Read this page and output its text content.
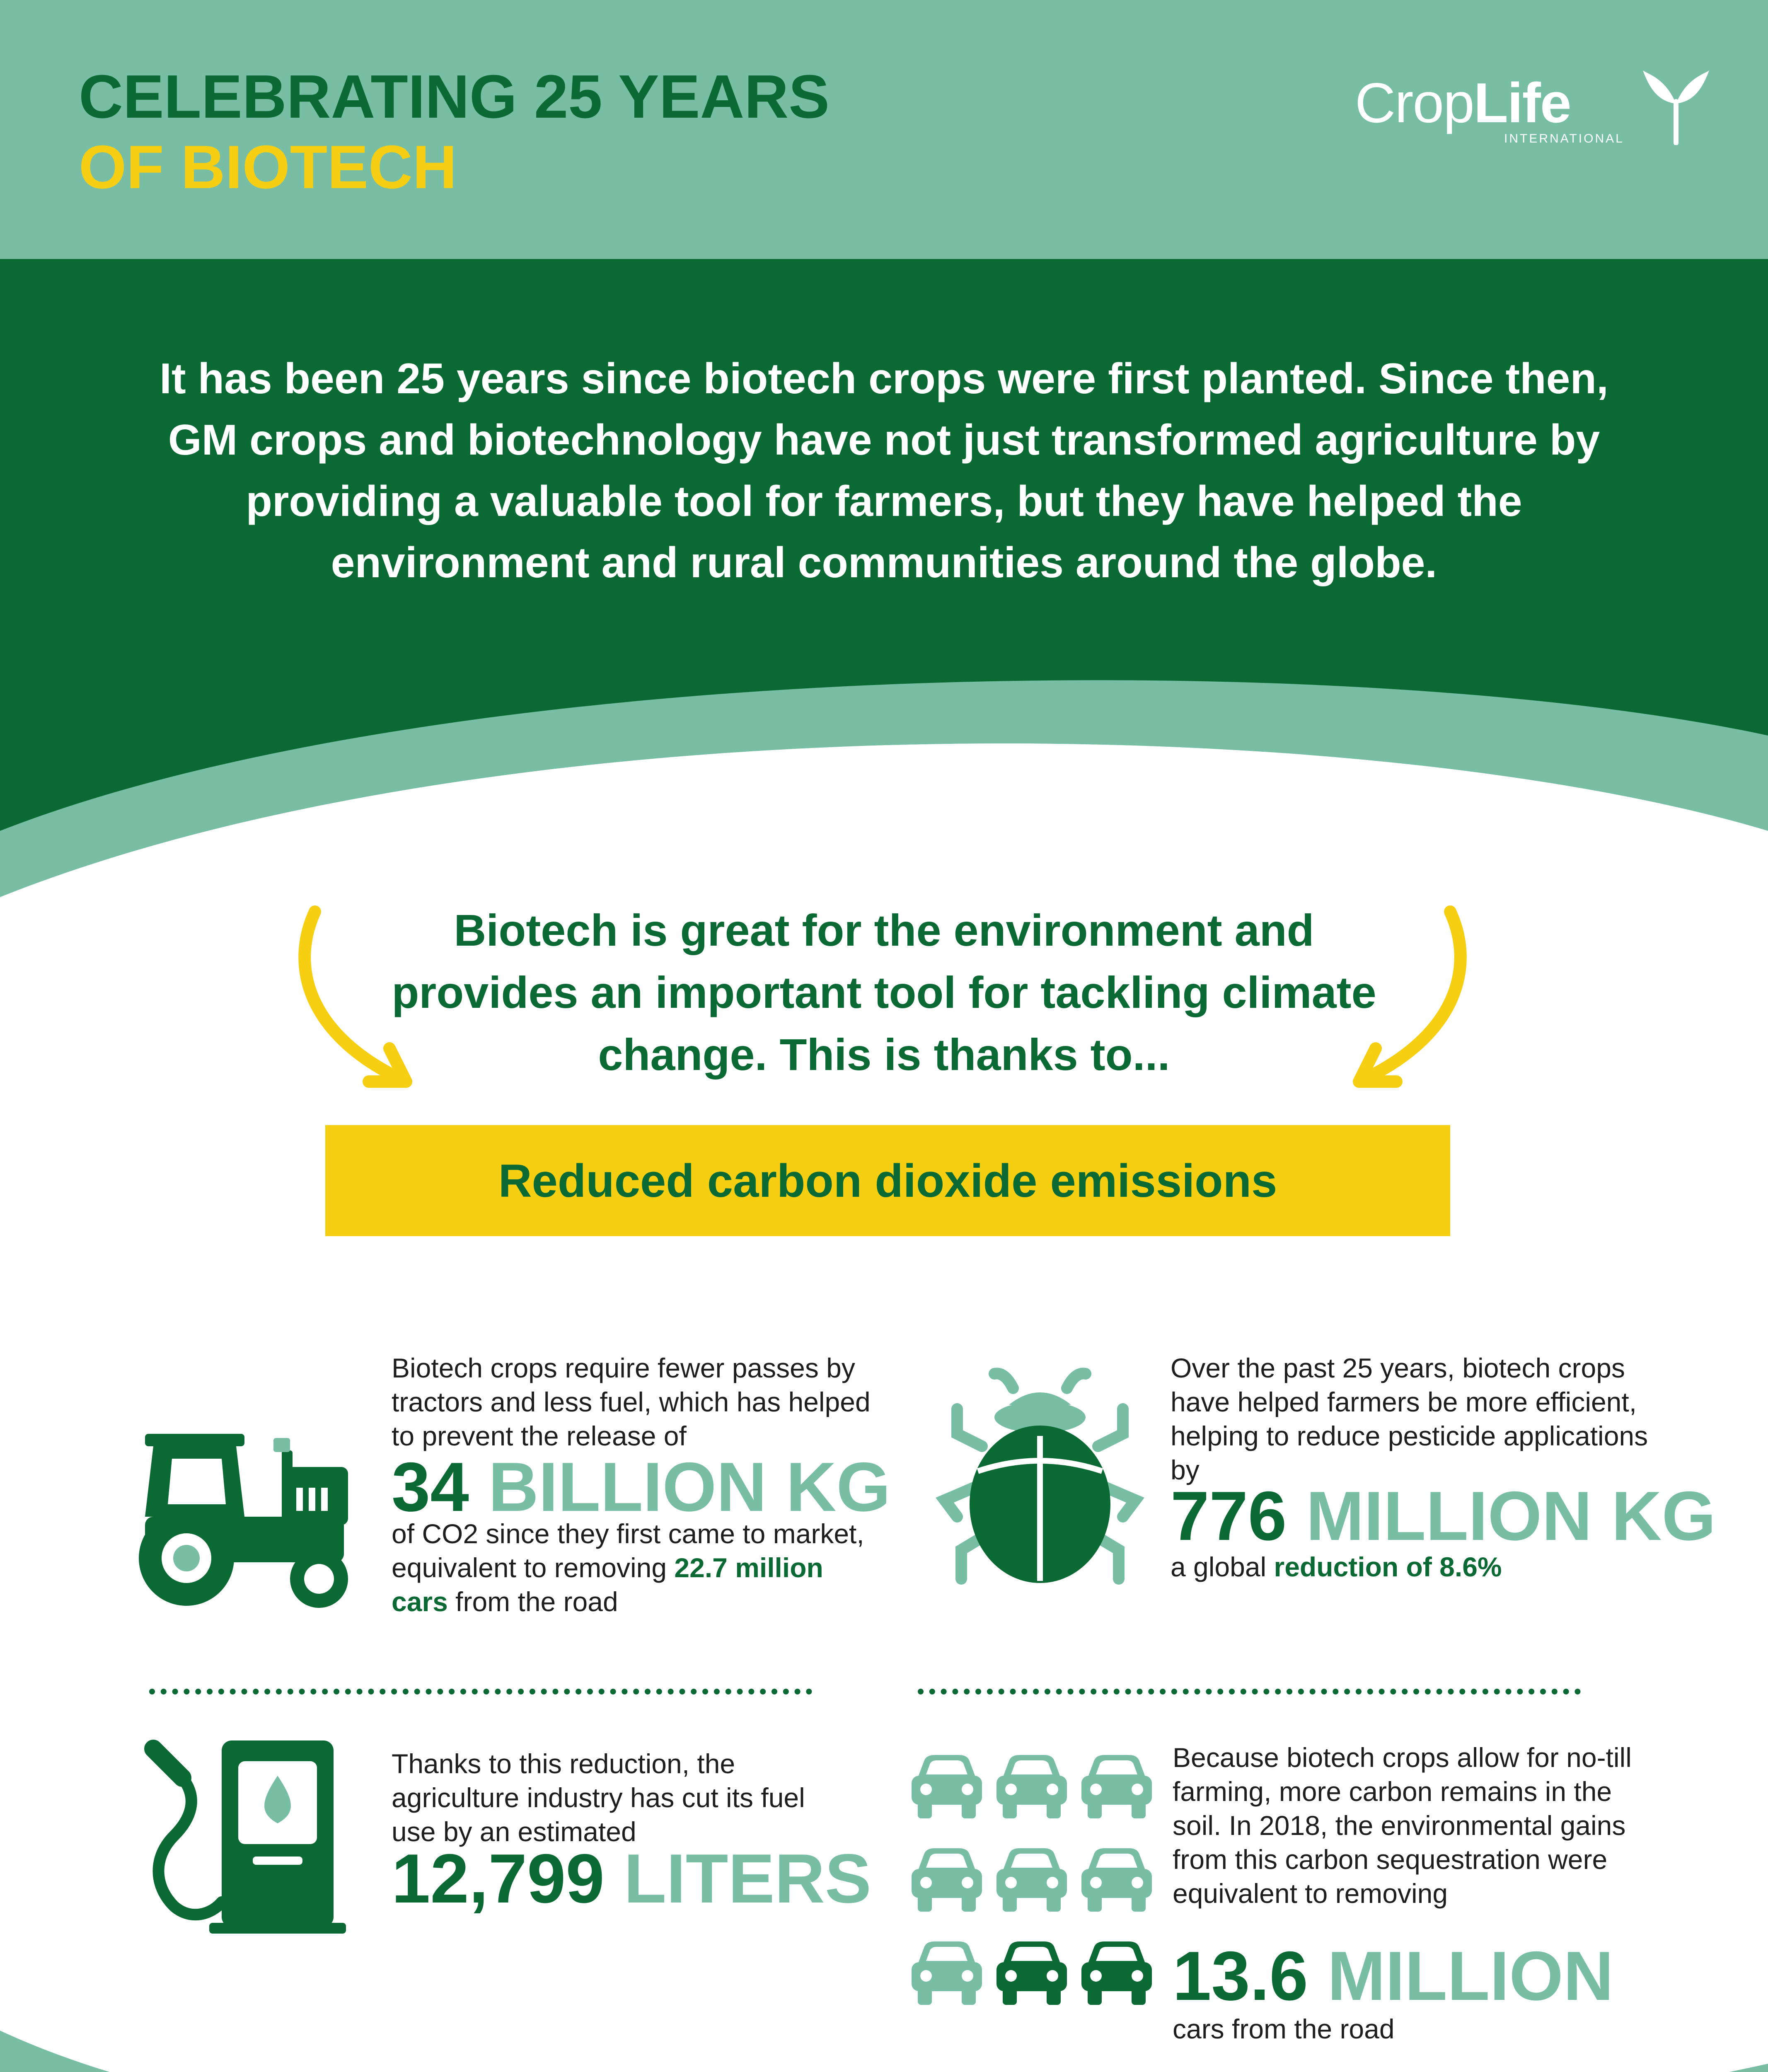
CELEBRATING 25 YEARS
OF BIOTECH
CropLife
INTERNATIONAL

It has been 25 years since biotech crops were first planted. Since then, GM crops and biotechnology have not just transformed agriculture by providing a valuable tool for farmers, but they have helped the environment and rural communities around the globe.

Biotech is great for the environment and provides an important tool for tackling climate change. This is thanks to...

Reduced carbon dioxide emissions

Biotech crops require fewer passes by tractors and less fuel, which has helped to prevent the release of

34 BILLION KG

of CO2 since they first came to market, equivalent to removing 22.7 million cars from the road

Over the past 25 years, biotech crops have helped farmers be more efficient, helping to reduce pesticide applications by

776 MILLION KG

a global reduction of 8.6%

Thanks to this reduction, the agriculture industry has cut its fuel use by an estimated

12,799 LITERS

Because biotech crops allow for no-till farming, more carbon remains in the soil. In 2018, the environmental gains from this carbon sequestration were equivalent to removing

13.6 MILLION

cars from the road
